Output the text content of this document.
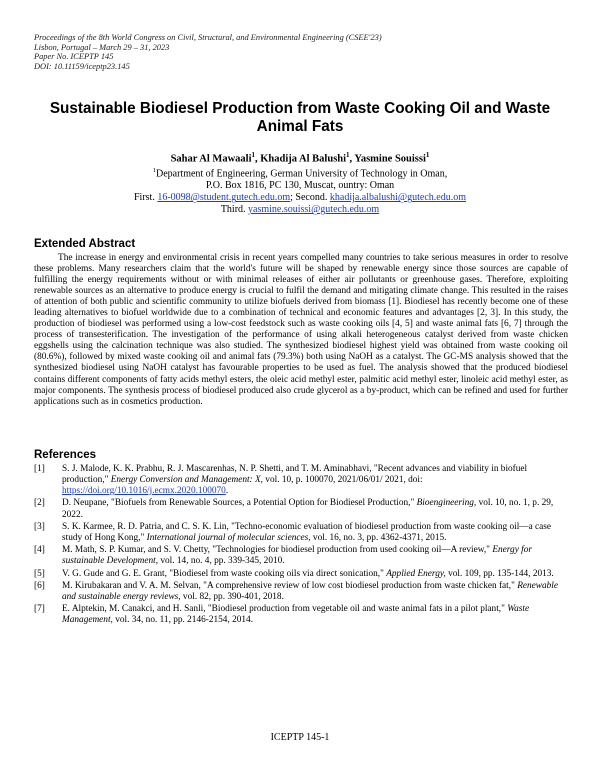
Proceedings of the 8th World Congress on Civil, Structural, and Environmental Engineering (CSEE'23)
Lisbon, Portugal – March 29 – 31, 2023
Paper No. ICEPTP 145
DOI: 10.11159/iceptp23.145
Sustainable Biodiesel Production from Waste Cooking Oil and Waste Animal Fats
Sahar Al Mawaali$^1$, Khadija Al Balushi$^1$, Yasmine Souissi$^1$
$^1$Department of Engineering, German University of Technology in Oman,
P.O. Box 1816, PC 130, Muscat, ountry: Oman
First. 16-0098@student.gutech.edu.om; Second. khadija.albalushi@gutech.edu.om
Third. yasmine.souissi@gutech.edu.om
Extended Abstract

The increase in energy and environmental crisis in recent years compelled many countries to take serious measures in order to resolve these problems. Many researchers claim that the world's future will be shaped by renewable energy since those sources are capable of fulfilling the energy requirements without or with minimal releases of either air pollutants or greenhouse gases. Therefore, exploiting renewable sources as an alternative to produce energy is crucial to fulfil the demand and mitigating climate change. This resulted in the raises of attention of both public and scientific community to utilize biofuels derived from biomass [1]. Biodiesel has recently become one of these leading alternatives to biofuel worldwide due to a combination of technical and economic features and advantages [2, 3]. In this study, the production of biodiesel was performed using a low-cost feedstock such as waste cooking oils [4, 5] and waste animal fats [6, 7] through the process of transesterification. The investigation of the performance of using alkali heterogeneous catalyst derived from waste chicken eggshells using the calcination technique was also studied. The synthesized biodiesel highest yield was obtained from waste cooking oil (80.6%), followed by mixed waste cooking oil and animal fats (79.3%) both using NaOH as a catalyst. The GC-MS analysis showed that the synthesized biodiesel using NaOH catalyst has favourable properties to be used as fuel. The analysis showed that the produced biodiesel contains different components of fatty acids methyl esters, the oleic acid methyl ester, palmitic acid methyl ester, linoleic acid methyl ester, as major components. The synthesis process of biodiesel produced also crude glycerol as a by-product, which can be refined and used for further applications such as in cosmetics production.

References
[1]	S. J. Malode, K. K. Prabhu, R. J. Mascarenhas, N. P. Shetti, and T. M. Aminabhavi, "Recent advances and viability in biofuel production," Energy Conversion and Management: X, vol. 10, p. 100070, 2021/06/01/ 2021, doi: https://doi.org/10.1016/j.ecmx.2020.100070.
[2]	D. Neupane, "Biofuels from Renewable Sources, a Potential Option for Biodiesel Production," Bioengineering, vol. 10, no. 1, p. 29, 2022.
[3]	S. K. Karmee, R. D. Patria, and C. S. K. Lin, "Techno-economic evaluation of biodiesel production from waste cooking oil—a case study of Hong Kong," International journal of molecular sciences, vol. 16, no. 3, pp. 4362-4371, 2015.
[4]	M. Math, S. P. Kumar, and S. V. Chetty, "Technologies for biodiesel production from used cooking oil—A review," Energy for sustainable Development, vol. 14, no. 4, pp. 339-345, 2010.
[5]	V. G. Gude and G. E. Grant, "Biodiesel from waste cooking oils via direct sonication," Applied Energy, vol. 109, pp. 135-144, 2013.
[6]	M. Kirubakaran and V. A. M. Selvan, "A comprehensive review of low cost biodiesel production from waste chicken fat," Renewable and sustainable energy reviews, vol. 82, pp. 390-401, 2018.
[7]	E. Alptekin, M. Canakci, and H. Sanli, "Biodiesel production from vegetable oil and waste animal fats in a pilot plant," Waste Management, vol. 34, no. 11, pp. 2146-2154, 2014.
ICEPTP 145-1
